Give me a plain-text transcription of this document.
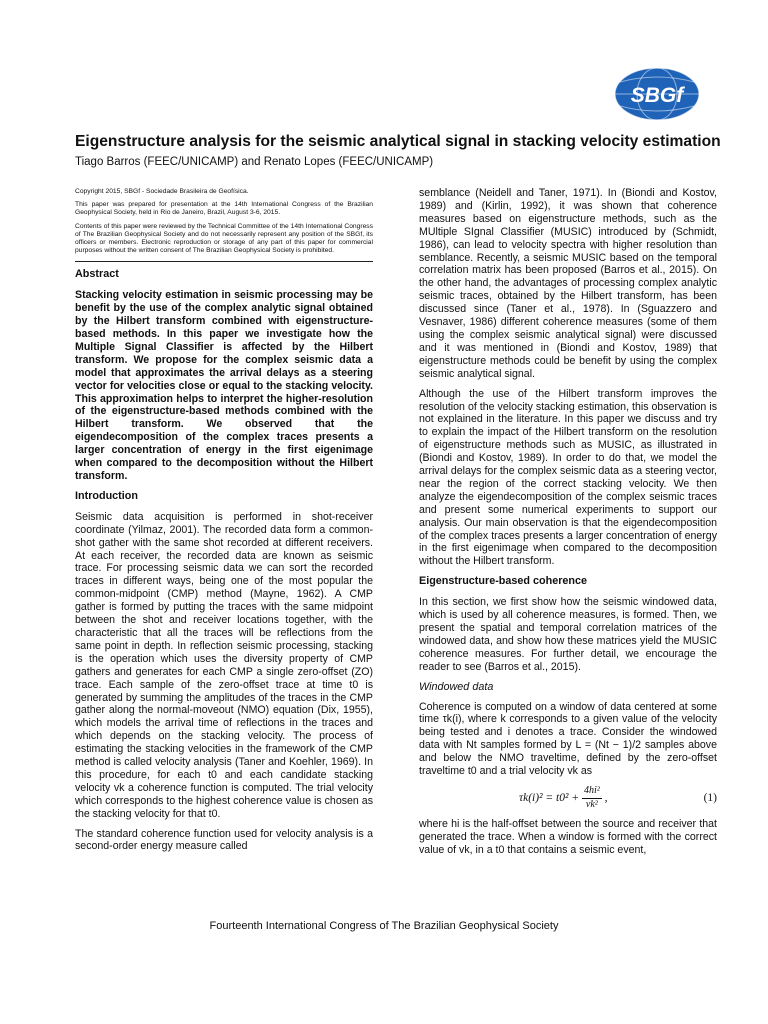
SBGf
Eigenstructure analysis for the seismic analytical signal in stacking velocity estimation
Tiago Barros (FEEC/UNICAMP) and Renato Lopes (FEEC/UNICAMP)

Copyright 2015, SBGf - Sociedade Brasileira de Geofísica.

This paper was prepared for presentation at the 14th International Congress of the Brazilian Geophysical Society, held in Rio de Janeiro, Brazil, August 3-6, 2015.

Contents of this paper were reviewed by the Technical Committee of the 14th International Congress of The Brazilian Geophysical Society and do not necessarily represent any position of the SBGf, its officers or members. Electronic reproduction or storage of any part of this paper for commercial purposes without the written consent of The Brazilian Geophysical Society is prohibited.

Abstract

Stacking velocity estimation in seismic processing may be benefit by the use of the complex analytic signal obtained by the Hilbert transform combined with eigenstructure-based methods. In this paper we investigate how the Multiple Signal Classifier is affected by the Hilbert transform. We propose for the complex seismic data a model that approximates the arrival delays as a steering vector for velocities close or equal to the stacking velocity. This approximation helps to interpret the higher-resolution of the eigenstructure-based methods combined with the Hilbert transform. We observed that the eigendecomposition of the complex traces presents a larger concentration of energy in the first eigenimage when compared to the decomposition without the Hilbert transform.

Introduction

Seismic data acquisition is performed in shot-receiver coordinate (Yilmaz, 2001). The recorded data form a common-shot gather with the same shot recorded at different receivers. At each receiver, the recorded data are known as seismic trace. For processing seismic data we can sort the recorded traces in different ways, being one of the most popular the common-midpoint (CMP) method (Mayne, 1962). A CMP gather is formed by putting the traces with the same midpoint between the shot and receiver locations together, with the characteristic that all the traces will be reflections from the same point in depth. In reflection seismic processing, stacking is the operation which uses the diversity property of CMP gathers and generates for each CMP a single zero-offset (ZO) trace. Each sample of the zero-offset trace at time t0 is generated by summing the amplitudes of the traces in the CMP gather along the normal-moveout (NMO) equation (Dix, 1955), which models the arrival time of reflections in the traces and which depends on the stacking velocity. The process of estimating the stacking velocities in the framework of the CMP method is called velocity analysis (Taner and Koehler, 1969). In this procedure, for each t0 and each candidate stacking velocity vk a coherence function is computed. The trial velocity which corresponds to the highest coherence value is chosen as the stacking velocity for that t0.

The standard coherence function used for velocity analysis is a second-order energy measure called

semblance (Neidell and Taner, 1971). In (Biondi and Kostov, 1989) and (Kirlin, 1992), it was shown that coherence measures based on eigenstructure methods, such as the MUltiple SIgnal Classifier (MUSIC) introduced by (Schmidt, 1986), can lead to velocity spectra with higher resolution than semblance. Recently, a seismic MUSIC based on the temporal correlation matrix has been proposed (Barros et al., 2015). On the other hand, the advantages of processing complex analytic seismic traces, obtained by the Hilbert transform, has been discussed since (Taner et al., 1978). In (Sguazzero and Vesnaver, 1986) different coherence measures (some of them using the complex seismic analytical signal) were discussed and it was mentioned in (Biondi and Kostov, 1989) that eigenstructure methods could be benefit by using the complex seismic analytical signal.

Although the use of the Hilbert transform improves the resolution of the velocity stacking estimation, this observation is not explained in the literature. In this paper we discuss and try to explain the impact of the Hilbert transform on the resolution of eigenstructure methods such as MUSIC, as illustrated in (Biondi and Kostov, 1989). In order to do that, we model the arrival delays for the complex seismic data as a steering vector, near the region of the correct stacking velocity. We then analyze the eigendecomposition of the complex seismic traces and present some numerical experiments to support our analysis. Our main observation is that the eigendecomposition of the complex traces presents a larger concentration of energy in the first eigenimage when compared to the decomposition without the Hilbert transform.

Eigenstructure-based coherence

In this section, we first show how the seismic windowed data, which is used by all coherence measures, is formed. Then, we present the spatial and temporal correlation matrices of the windowed data, and show how these matrices yield the MUSIC coherence measures. For further detail, we encourage the reader to see (Barros et al., 2015).

Windowed data

Coherence is computed on a window of data centered at some time τk(i), where k corresponds to a given value of the velocity being tested and i denotes a trace. Consider the windowed data with Nt samples formed by L = (Nt − 1)/2 samples above and below the NMO traveltime, defined by the zero-offset traveltime t0 and a trial velocity vk as

$\tau k(i)^2 = t0^2 + \frac{\text{4hi²}}{\text{vk²}}$ ,	(1)

where hi is the half-offset between the source and receiver that generated the trace. When a window is formed with the correct value of vk, in a t0 that contains a seismic event,

Fourteenth International Congress of The Brazilian Geophysical Society
